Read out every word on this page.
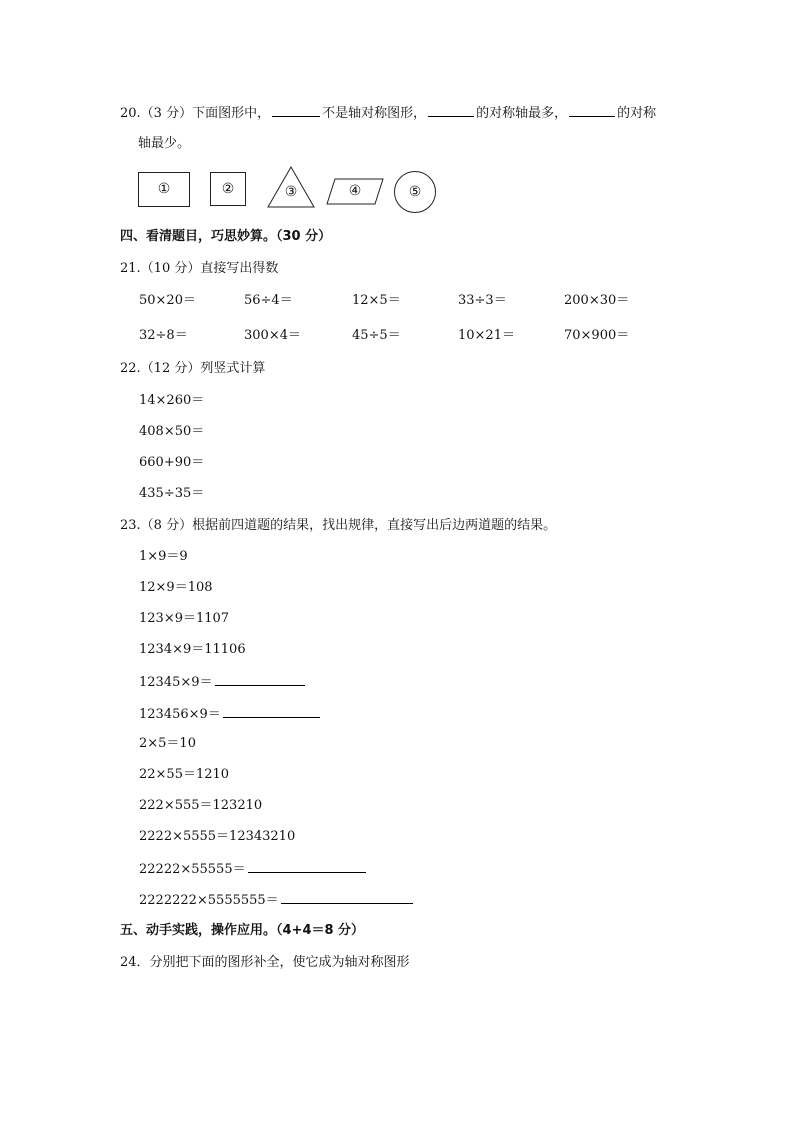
20.（3 分）下面图形中，	不是轴对称图形，	的对称轴最多，	的对称
轴最少。
①	②	③	④	⑤
四、看清题目，巧思妙算。（30 分）
21.（10 分）直接写出得数
50×20＝	56÷4＝	12×5＝	33÷3＝	200×30＝
32÷8＝	300×4＝	45÷5＝	10×21＝	70×900＝
22.（12 分）列竖式计算
14×260＝
408×50＝
660+90＝
435÷35＝
23.（8 分）根据前四道题的结果，找出规律，直接写出后边两道题的结果。
1×9＝9
12×9＝108
123×9＝1107
1234×9＝11106
12345×9＝
123456×9＝
2×5＝10
22×55＝1210
222×555＝123210
2222×5555＝12343210
22222×55555＝
2222222×5555555＝
五、动手实践，操作应用。（4+4＝8 分）
24．分别把下面的图形补全，使它成为轴对称图形
